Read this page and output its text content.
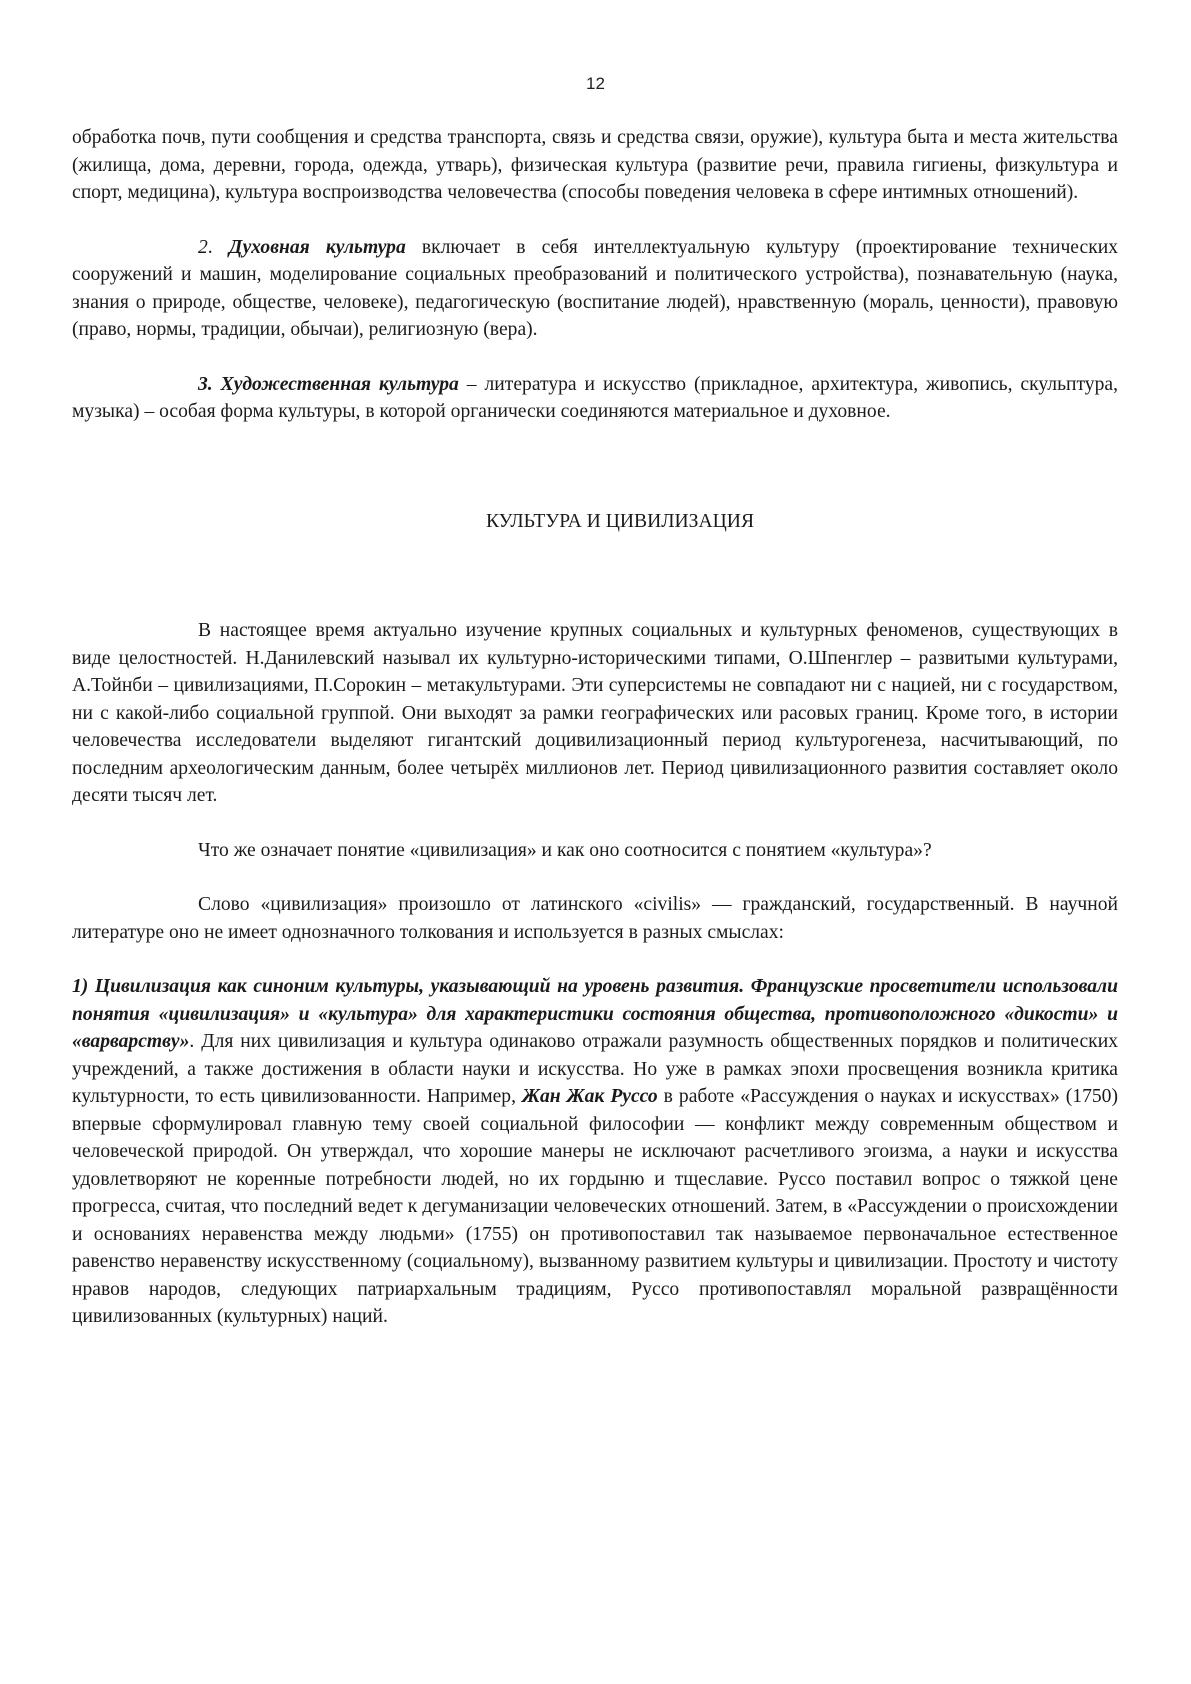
12

обработка почв, пути сообщения и средства транспорта, связь и средства связи, оружие), культура быта и места жительства (жилища, дома, деревни, города, одежда, утварь), физическая культура (развитие речи, правила гигиены, физкультура и спорт, медицина), культура воспроизводства человечества (способы поведения человека в сфере интимных отношений).

2. Духовная культура включает в себя интеллектуальную культуру (проектирование технических сооружений и машин, моделирование социальных преобразований и политического устройства), познавательную (наука, знания о природе, обществе, человеке), педагогическую (воспитание людей), нравственную (мораль, ценности), правовую (право, нормы, традиции, обычаи), религиозную (вера).

3. Художественная культура – литература и искусство (прикладное, архитектура, живопись, скульптура, музыка) – особая форма культуры, в которой органически соединяются материальное и духовное.

КУЛЬТУРА И ЦИВИЛИЗАЦИЯ

В настоящее время актуально изучение крупных социальных и культурных феноменов, существующих в виде целостностей. Н.Данилевский называл их культурно-историческими типами, О.Шпенглер – развитыми культурами, А.Тойнби – цивилизациями, П.Сорокин – метакультурами. Эти суперсистемы не совпадают ни с нацией, ни с государством, ни с какой-либо социальной группой. Они выходят за рамки географических или расовых границ. Кроме того, в истории человечества исследователи выделяют гигантский доцивилизационный период культурогенеза, насчитывающий, по последним археологическим данным, более четырёх миллионов лет. Период цивилизационного развития составляет около десяти тысяч лет.

Что же означает понятие «цивилизация» и как оно соотносится с понятием «культура»?

Слово «цивилизация» произошло от латинского «civilis» — гражданский, государственный. В научной литературе оно не имеет однозначного толкования и используется в разных смыслах:

1) Цивилизация как синоним культуры, указывающий на уровень развития. Французские просветители использовали понятия «цивилизация» и «культура» для характеристики состояния общества, противоположного «дикости» и «варварству». Для них цивилизация и культура одинаково отражали разумность общественных порядков и политических учреждений, а также достижения в области науки и искусства. Но уже в рамках эпохи просвещения возникла критика культурности, то есть цивилизованности. Например, Жан Жак Руссо в работе «Рассуждения о науках и искусствах» (1750) впервые сформулировал главную тему своей социальной философии — конфликт между современным обществом и человеческой природой. Он утверждал, что хорошие манеры не исключают расчетливого эгоизма, а науки и искусства удовлетворяют не коренные потребности людей, но их гордыню и тщеславие. Руссо поставил вопрос о тяжкой цене прогресса, считая, что последний ведет к дегуманизации человеческих отношений. Затем, в «Рассуждении о происхождении и основаниях неравенства между людьми» (1755) он противопоставил так называемое первоначальное естественное равенство неравенству искусственному (социальному), вызванному развитием культуры и цивилизации. Простоту и чистоту нравов народов, следующих патриархальным традициям, Руссо противопоставлял моральной развращённости цивилизованных (культурных) наций.
